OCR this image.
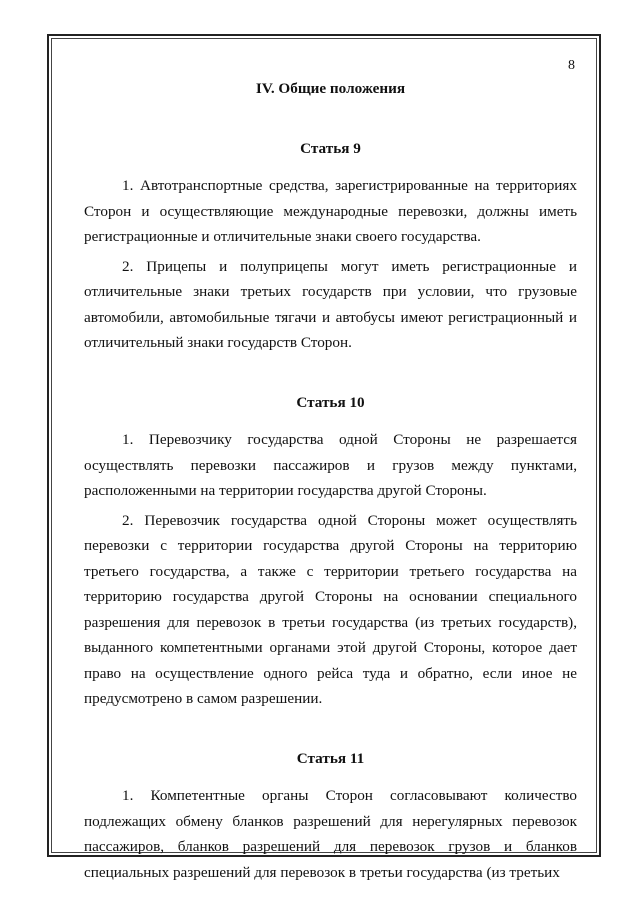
8

IV. Общие положения

Статья 9

1. Автотранспортные средства, зарегистрированные на территориях Сторон и осуществляющие международные перевозки, должны иметь регистрационные и отличительные знаки своего государства.

2. Прицепы и полуприцепы могут иметь регистрационные и отличительные знаки третьих государств при условии, что грузовые автомобили, автомобильные тягачи и автобусы имеют регистрационный и отличительный знаки государств Сторон.

Статья 10

1. Перевозчику государства одной Стороны не разрешается осуществлять перевозки пассажиров и грузов между пунктами, расположенными на территории государства другой Стороны.

2. Перевозчик государства одной Стороны может осуществлять перевозки с территории государства другой Стороны на территорию третьего государства, а также с территории третьего государства на территорию государства другой Стороны на основании специального разрешения для перевозок в третьи государства (из третьих государств), выданного компетентными органами этой другой Стороны, которое дает право на осуществление одного рейса туда и обратно, если иное не предусмотрено в самом разрешении.

Статья 11

1. Компетентные органы Сторон согласовывают количество подлежащих обмену бланков разрешений для нерегулярных перевозок пассажиров, бланков разрешений для перевозок грузов и бланков специальных разрешений для перевозок в третьи государства (из третьих
